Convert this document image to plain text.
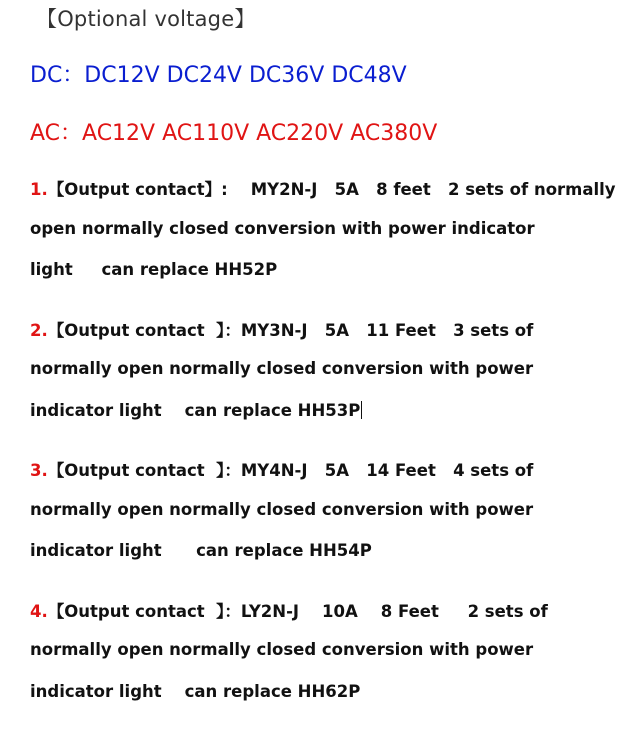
【Optional voltage】
DC：DC12V DC24V DC36V DC48V
AC：AC12V AC110V AC220V AC380V
1.【Output contact】:    MY2N-J   5A   8 feet   2 sets of normally
open normally closed conversion with power indicator
light     can replace HH52P
2.【Output contact  】：MY3N-J   5A   11 Feet   3 sets of
normally open normally closed conversion with power
indicator light    can replace HH53P
3.【Output contact  】：MY4N-J   5A   14 Feet   4 sets of
normally open normally closed conversion with power
indicator light      can replace HH54P
4.【Output contact  】：LY2N-J    10A    8 Feet     2 sets of
normally open normally closed conversion with power
indicator light    can replace HH62P
